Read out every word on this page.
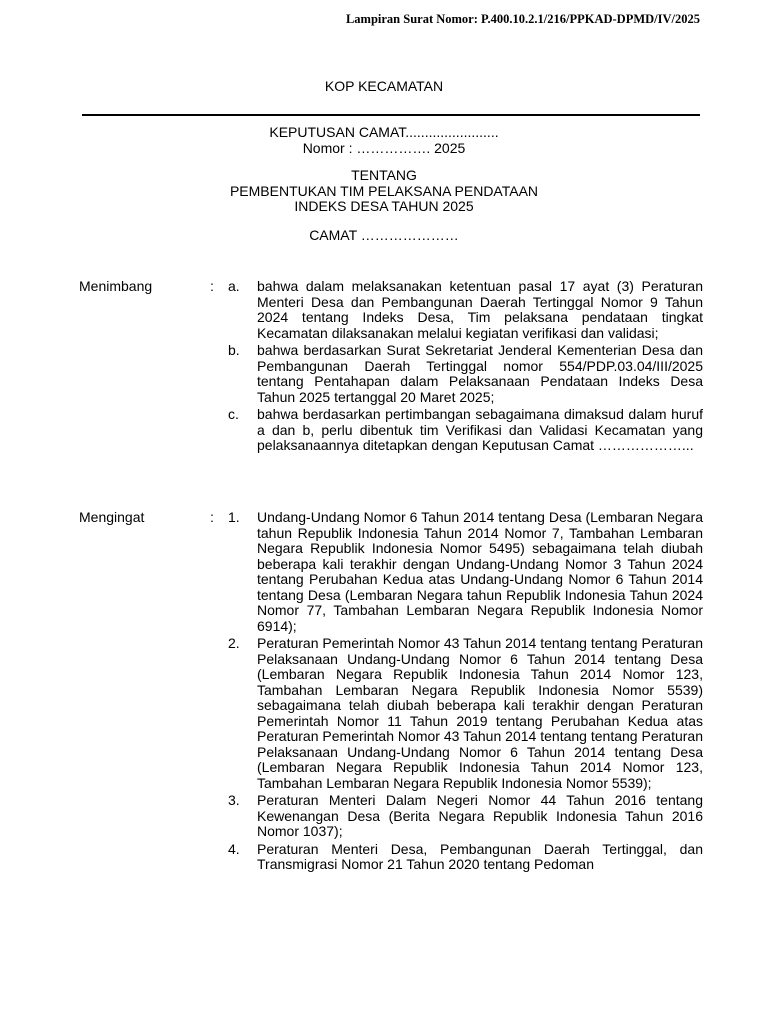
Lampiran Surat Nomor: P.400.10.2.1/216/PPKAD-DPMD/IV/2025
KOP KECAMATAN
KEPUTUSAN CAMAT........................
Nomor : ……………. 2025
TENTANG
PEMBENTUKAN TIM PELAKSANA PENDATAAN
INDEKS DESA TAHUN 2025
CAMAT …………………
Menimbang	: a. bahwa dalam melaksanakan ketentuan pasal 17 ayat (3) Peraturan Menteri Desa dan Pembangunan Daerah Tertinggal Nomor 9 Tahun 2024 tentang Indeks Desa, Tim pelaksana pendataan tingkat Kecamatan dilaksanakan melalui kegiatan verifikasi dan validasi;
b. bahwa berdasarkan Surat Sekretariat Jenderal Kementerian Desa dan Pembangunan Daerah Tertinggal nomor 554/PDP.03.04/III/2025 tentang Pentahapan dalam Pelaksanaan Pendataan Indeks Desa Tahun 2025 tertanggal 20 Maret 2025;
c. bahwa berdasarkan pertimbangan sebagaimana dimaksud dalam huruf a dan b, perlu dibentuk tim Verifikasi dan Validasi Kecamatan yang pelaksanaannya ditetapkan dengan Keputusan Camat ………………...
Mengingat	: 1. Undang-Undang Nomor 6 Tahun 2014 tentang Desa (Lembaran Negara tahun Republik Indonesia Tahun 2014 Nomor 7, Tambahan Lembaran Negara Republik Indonesia Nomor 5495) sebagaimana telah diubah beberapa kali terakhir dengan Undang-Undang Nomor 3 Tahun 2024 tentang Perubahan Kedua atas Undang-Undang Nomor 6 Tahun 2014 tentang Desa (Lembaran Negara tahun Republik Indonesia Tahun 2024 Nomor 77, Tambahan Lembaran Negara Republik Indonesia Nomor 6914);
2. Peraturan Pemerintah Nomor 43 Tahun 2014 tentang tentang Peraturan Pelaksanaan Undang-Undang Nomor 6 Tahun 2014 tentang Desa (Lembaran Negara Republik Indonesia Tahun 2014 Nomor 123, Tambahan Lembaran Negara Republik Indonesia Nomor 5539) sebagaimana telah diubah beberapa kali terakhir dengan Peraturan Pemerintah Nomor 11 Tahun 2019 tentang Perubahan Kedua atas Peraturan Pemerintah Nomor 43 Tahun 2014 tentang tentang Peraturan Pelaksanaan Undang-Undang Nomor 6 Tahun 2014 tentang Desa (Lembaran Negara Republik Indonesia Tahun 2014 Nomor 123, Tambahan Lembaran Negara Republik Indonesia Nomor 5539);
3. Peraturan Menteri Dalam Negeri Nomor 44 Tahun 2016 tentang Kewenangan Desa (Berita Negara Republik Indonesia Tahun 2016 Nomor 1037);
4. Peraturan Menteri Desa, Pembangunan Daerah Tertinggal, dan Transmigrasi Nomor 21 Tahun 2020 tentang Pedoman
